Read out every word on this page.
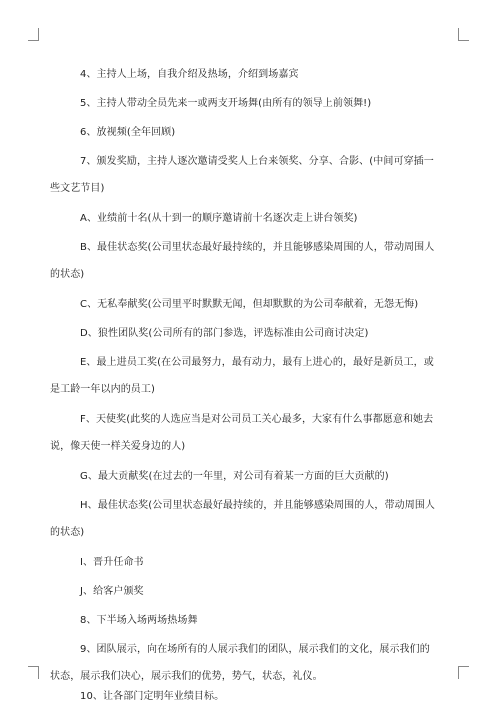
4、主持人上场，自我介绍及热场，介绍到场嘉宾
5、主持人带动全员先来一或两支开场舞(由所有的领导上前领舞!)
6、放视频(全年回顾)
7、颁发奖励，主持人逐次邀请受奖人上台来领奖、分享、合影、(中间可穿插一
些文艺节目)
A、业绩前十名(从十到一的顺序邀请前十名逐次走上讲台领奖)
B、最佳状态奖(公司里状态最好最持续的，并且能够感染周围的人，带动周围人
的状态)
C、无私奉献奖(公司里平时默默无闻，但却默默的为公司奉献着，无怨无悔)
D、狼性团队奖(公司所有的部门参选，评选标准由公司商讨决定)
E、最上进员工奖(在公司最努力，最有动力，最有上进心的，最好是新员工，或
是工龄一年以内的员工)
F、天使奖(此奖的人选应当是对公司员工关心最多，大家有什么事都愿意和她去
说，像天使一样关爱身边的人)
G、最大贡献奖(在过去的一年里，对公司有着某一方面的巨大贡献的)
H、最佳状态奖(公司里状态最好最持续的，并且能够感染周围的人，带动周围人
的状态)
I、晋升任命书
J、给客户颁奖
8、下半场入场两场热场舞
9、团队展示，向在场所有的人展示我们的团队，展示我们的文化，展示我们的
状态，展示我们决心，展示我们的优势，势气，状态，礼仪。
10、让各部门定明年业绩目标。
